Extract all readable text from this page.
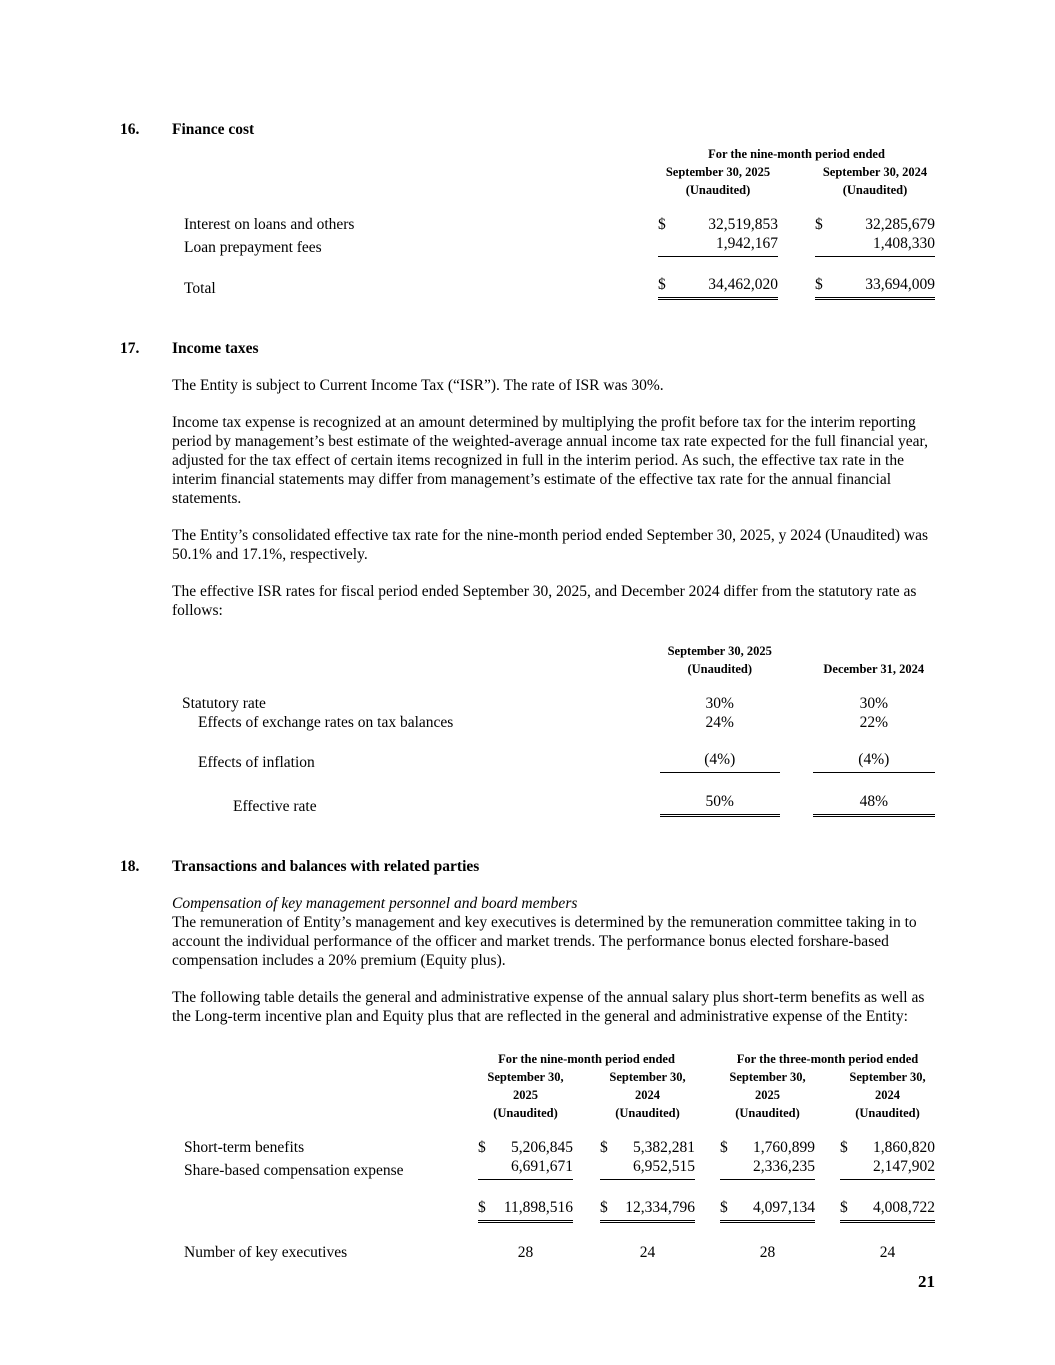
16.	Finance cost
	For the nine-month period ended				
	September 30, 2025			September 30, 2024	
	(Unaudited)			(Unaudited)	

Interest on loans and others	$	32,519,853		$	32,285,679
Loan prepayment fees		1,942,167			1,408,330

Total	$	34,462,020		$	33,694,009
17.	Income taxes

The Entity is subject to Current Income Tax (“ISR”). The rate of ISR was 30%.

Income tax expense is recognized at an amount determined by multiplying the profit before tax for the interim reporting period by management’s best estimate of the weighted-average annual income tax rate expected for the full financial year, adjusted for the tax effect of certain items recognized in full in the interim period. As such, the effective tax rate in the interim financial statements may differ from management’s estimate of the effective tax rate for the annual financial statements.

The Entity’s consolidated effective tax rate for the nine-month period ended September 30, 2025, y 2024 (Unaudited) was 50.1% and 17.1%, respectively.

The effective ISR rates for fiscal period ended September 30, 2025, and December 2024 differ from the statutory rate as follows:

	September 30, 2025		
	(Unaudited)		December 31, 2024

Statutory rate	30%		30%
Effects of exchange rates on tax balances	24%		22%

Effects of inflation	(4%)		(4%)

Effective rate	50%		48%
18.	Transactions and balances with related parties
Compensation of key management personnel and board members

The remuneration of Entity’s management and key executives is determined by the remuneration committee taking in to account the individual performance of the officer and market trends. The performance bonus elected forshare-based compensation includes a 20% premium (Equity plus).

The following table details the general and administrative expense of the annual salary plus short-term benefits as well as the Long-term incentive plan and Equity plus that are reflected in the general and administrative expense of the Entity:

	For the nine-month period ended						For the three-month period ended				
	September 30,			September 30,			September 30,			September 30,	
	2025			2024			2025			2024	
	(Unaudited)			(Unaudited)			(Unaudited)			(Unaudited)	

Short-term benefits	$	5,206,845		$	5,382,281		$	1,760,899		$	1,860,820
Share-based compensation expense		6,691,671			6,952,515			2,336,235			2,147,902

	$	11,898,516		$	12,334,796		$	4,097,134		$	4,008,722

Number of key executives	28			24			28			24	
21
